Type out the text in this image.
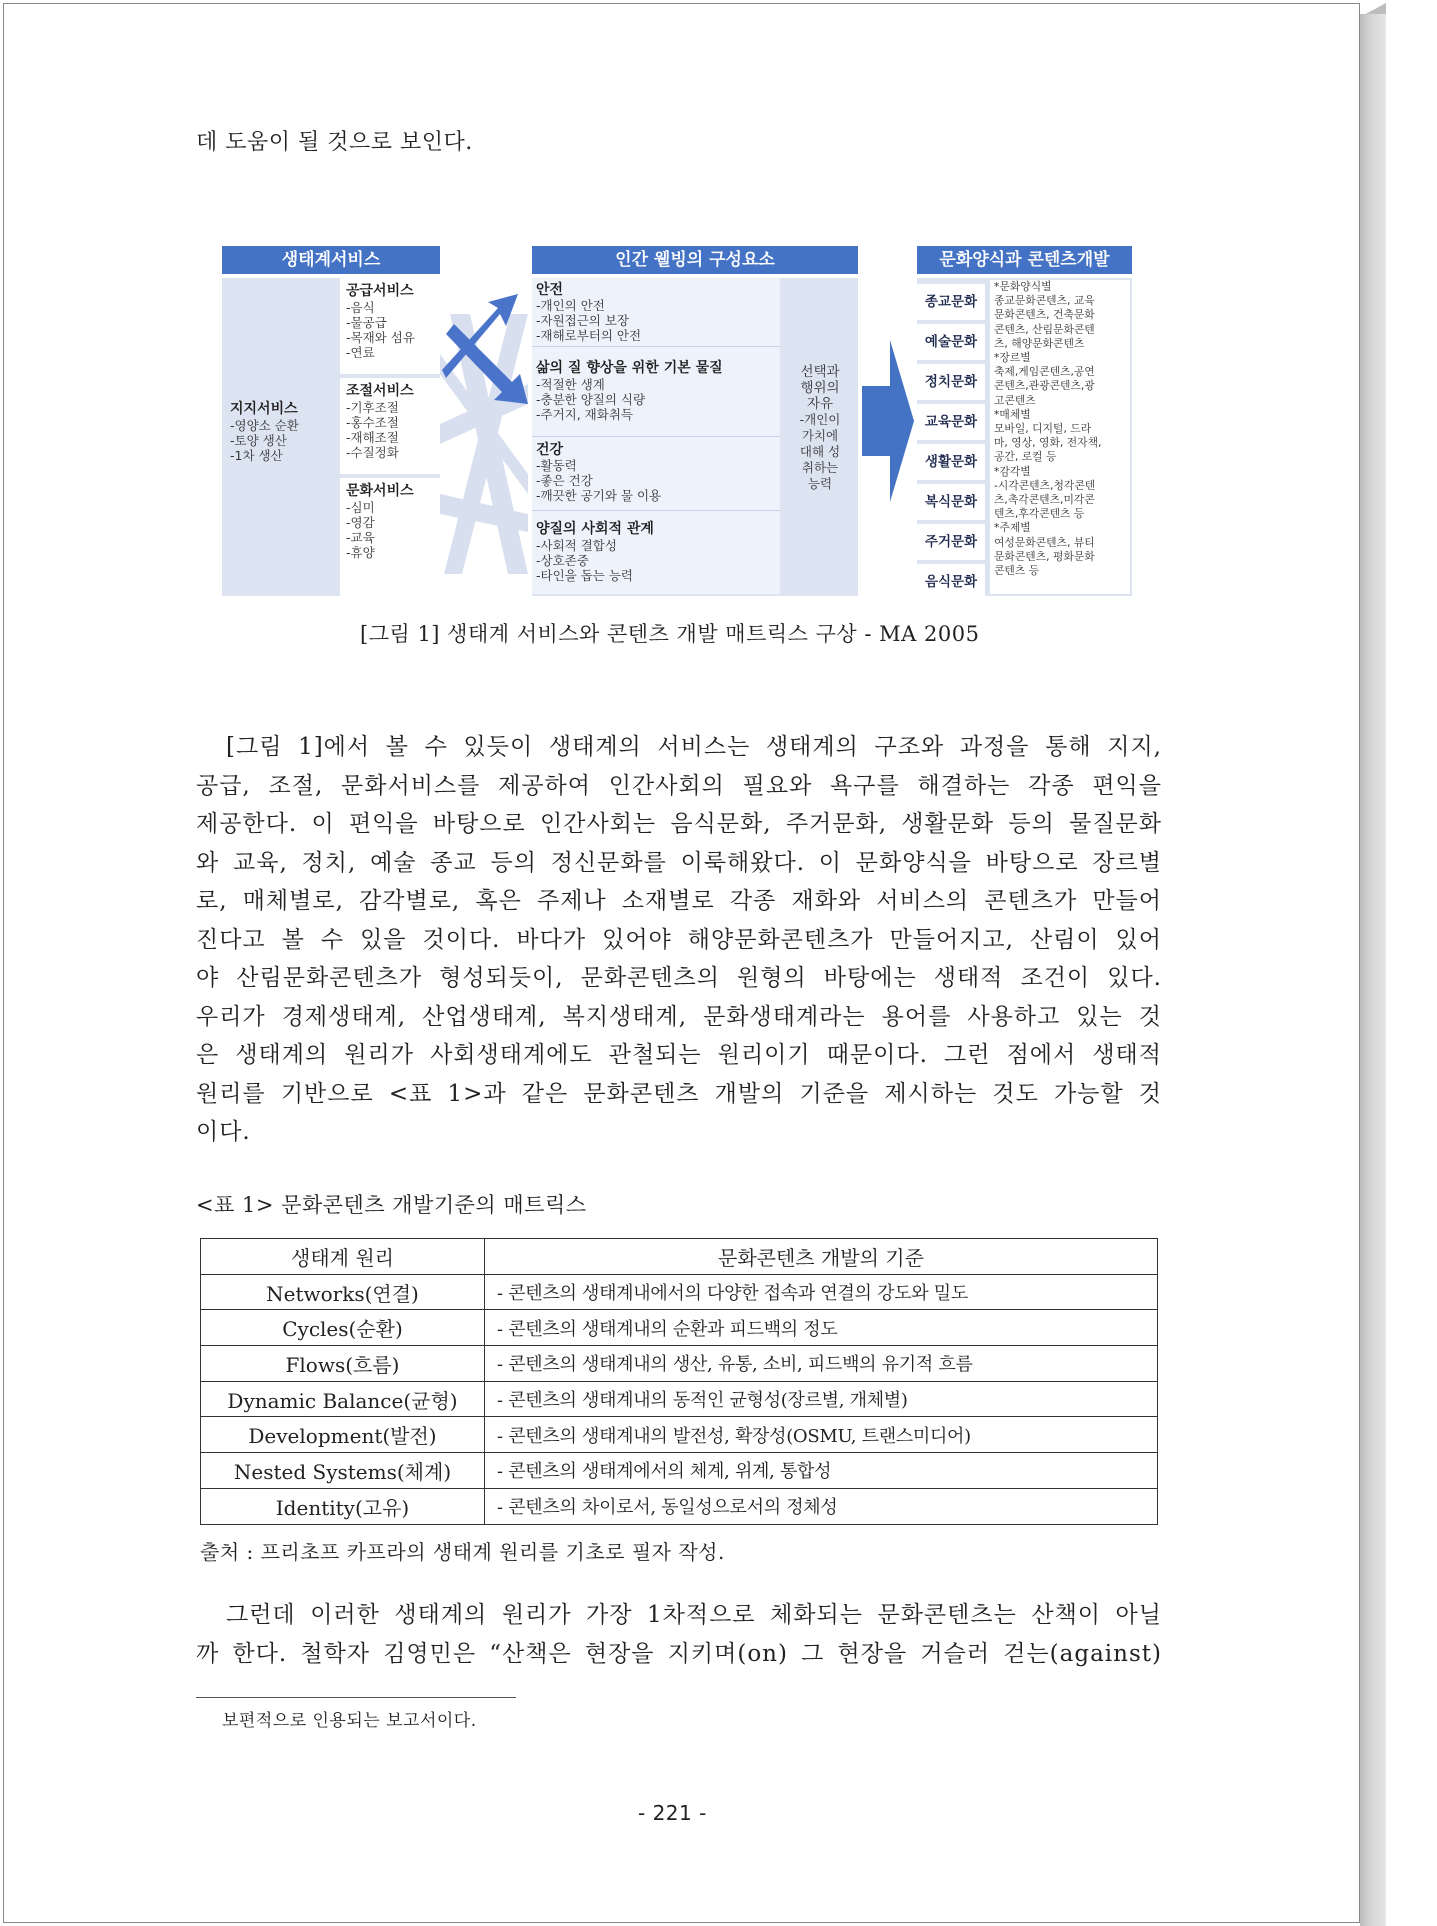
데 도움이 될 것으로 보인다.
생태계서비스	인간 웰빙의 구성요소	문화양식과 콘텐츠개발
지지서비스
-영양소 순환
-토양 생산
-1차 생산
공급서비스
-음식
-물공급
-목재와 섬유
-연료
조절서비스
-기후조절
-홍수조절
-재해조절
-수질정화
문화서비스
-심미
-영감
-교육
-휴양
안전
-개인의 안전
-자원접근의 보장
-재해로부터의 안전
삶의 질 향상을 위한 기본 물질
-적절한 생계
-충분한 양질의 식량
-주거지, 재화취득
건강
-활동력
-좋은 건강
-깨끗한 공기와 물 이용
양질의 사회적 관계
-사회적 결합성
-상호존중
-타인을 돕는 능력
선택과
행위의
자유
-개인이
가치에
대해 성
취하는
능력
종교문화
예술문화
정치문화
교육문화
생활문화
복식문화
주거문화
음식문화
*문화양식별
종교문화콘텐츠, 교육
문화콘텐츠, 건축문화
콘텐츠, 산림문화콘텐
츠, 해양문화콘텐츠
*장르별
축제,게임콘텐츠,공연
콘텐츠,관광콘텐츠,광
고콘텐츠
*매체별
모바일, 디지털, 드라
마, 영상, 영화, 전자책,
공간, 로컬 등
*감각별
-시각콘텐츠,청각콘텐
츠,촉각콘텐츠,미각콘
텐츠,후각콘텐츠 등
*주제별
여성문화콘텐츠, 뷰티
문화콘텐츠, 평화문화
콘텐츠 등
[그림 1] 생태계 서비스와 콘텐츠 개발 매트릭스 구상 - MA 2005
[그림 1]에서 볼 수 있듯이 생태계의 서비스는 생태계의 구조와 과정을 통해 지지,
공급, 조절, 문화서비스를 제공하여 인간사회의 필요와 욕구를 해결하는 각종 편익을
제공한다. 이 편익을 바탕으로 인간사회는 음식문화, 주거문화, 생활문화 등의 물질문화
와 교육, 정치, 예술 종교 등의 정신문화를 이룩해왔다. 이 문화양식을 바탕으로 장르별
로, 매체별로, 감각별로, 혹은 주제나 소재별로 각종 재화와 서비스의 콘텐츠가 만들어
진다고 볼 수 있을 것이다. 바다가 있어야 해양문화콘텐츠가 만들어지고, 산림이 있어
야 산림문화콘텐츠가 형성되듯이, 문화콘텐츠의 원형의 바탕에는 생태적 조건이 있다.
우리가 경제생태계, 산업생태계, 복지생태계, 문화생태계라는 용어를 사용하고 있는 것
은 생태계의 원리가 사회생태계에도 관철되는 원리이기 때문이다. 그런 점에서 생태적
원리를 기반으로 <표 1>과 같은 문화콘텐츠 개발의 기준을 제시하는 것도 가능할 것
이다.
<표 1> 문화콘텐츠 개발기준의 매트릭스
생태계 원리	문화콘텐츠 개발의 기준
Networks(연결)	- 콘텐츠의 생태계내에서의 다양한 접속과 연결의 강도와 밀도
Cycles(순환)	- 콘텐츠의 생태계내의 순환과 피드백의 정도
Flows(흐름)	- 콘텐츠의 생태계내의 생산, 유통, 소비, 피드백의 유기적 흐름
Dynamic Balance(균형)	- 콘텐츠의 생태계내의 동적인 균형성(장르별, 개체별)
Development(발전)	- 콘텐츠의 생태계내의 발전성, 확장성(OSMU, 트랜스미디어)
Nested Systems(체계)	- 콘텐츠의 생태계에서의 체계, 위계, 통합성
Identity(고유)	- 콘텐츠의 차이로서, 동일성으로서의 정체성
출처 : 프리초프 카프라의 생태계 원리를 기초로 필자 작성.
그런데 이러한 생태계의 원리가 가장 1차적으로 체화되는 문화콘텐츠는 산책이 아닐
까 한다. 철학자 김영민은 “산책은 현장을 지키며(on) 그 현장을 거슬러 걷는(against)
보편적으로 인용되는 보고서이다.
- 221 -
